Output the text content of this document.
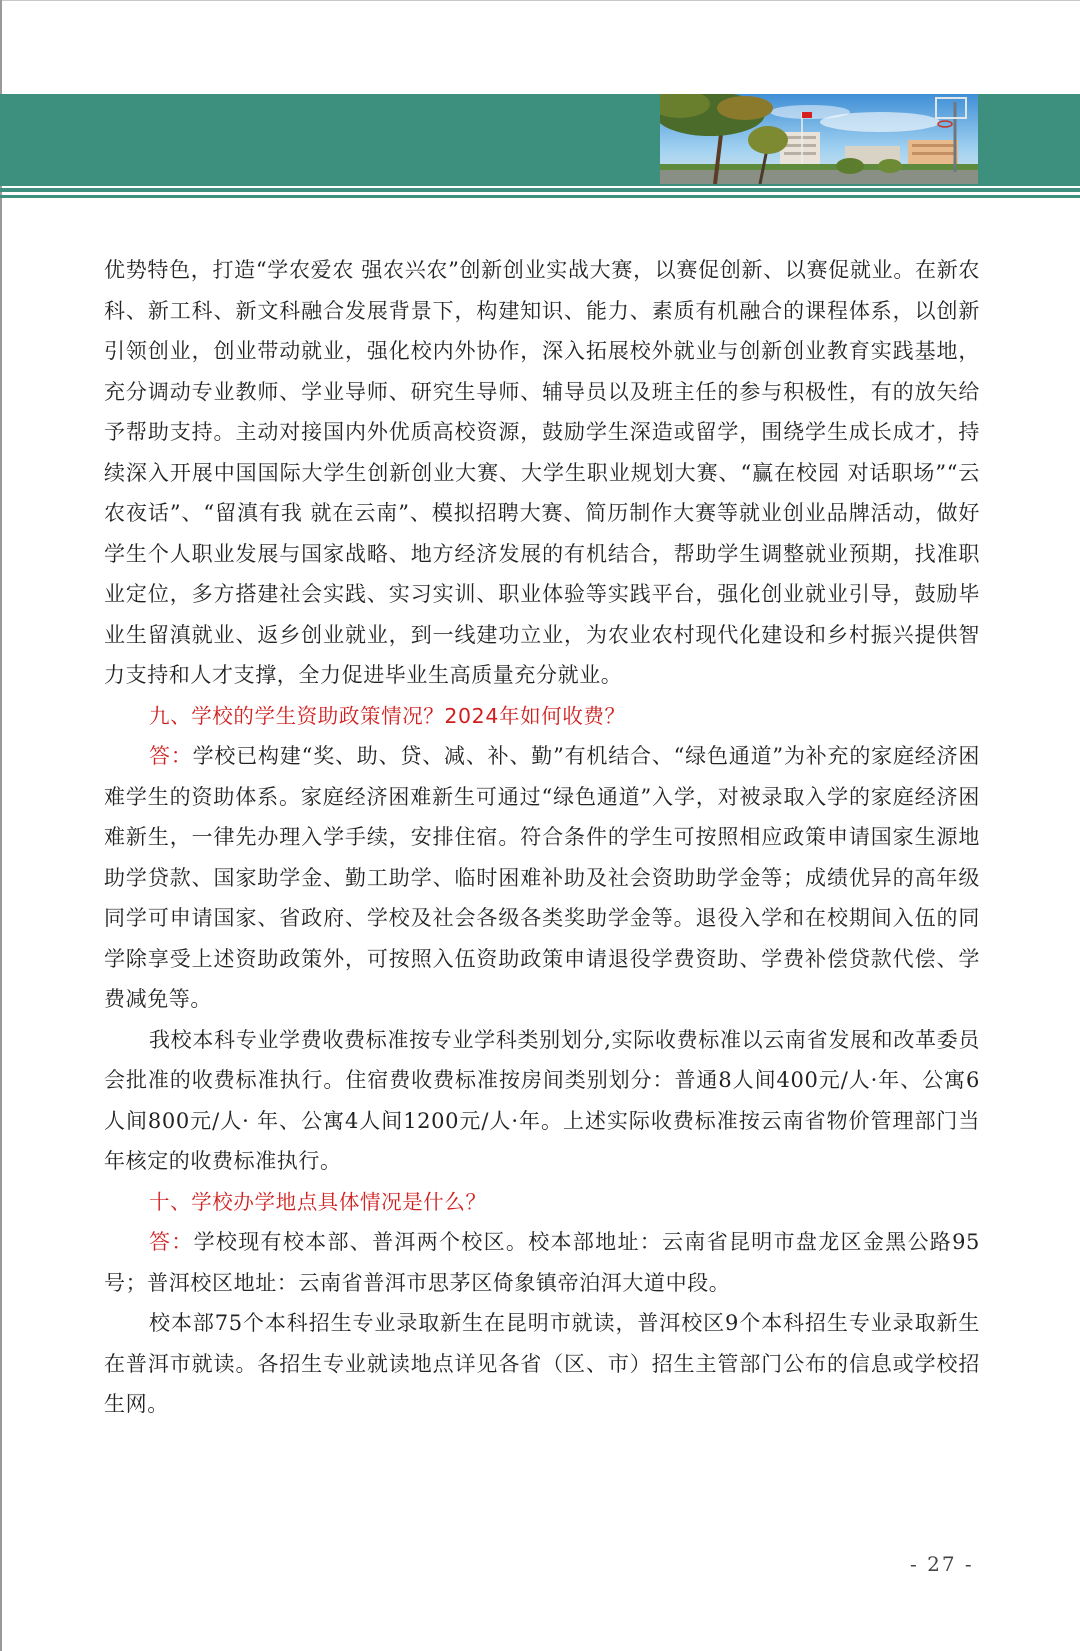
优势特色，打造“学农爱农 强农兴农”创新创业实战大赛，以赛促创新、以赛促就业。在新农科、新工科、新文科融合发展背景下，构建知识、能力、素质有机融合的课程体系，以创新引领创业，创业带动就业，强化校内外协作，深入拓展校外就业与创新创业教育实践基地，充分调动专业教师、学业导师、研究生导师、辅导员以及班主任的参与积极性，有的放矢给予帮助支持。主动对接国内外优质高校资源，鼓励学生深造或留学，围绕学生成长成才，持续深入开展中国国际大学生创新创业大赛、大学生职业规划大赛、“赢在校园 对话职场”“云农夜话”、“留滇有我 就在云南”、模拟招聘大赛、简历制作大赛等就业创业品牌活动，做好学生个人职业发展与国家战略、地方经济发展的有机结合，帮助学生调整就业预期，找准职业定位，多方搭建社会实践、实习实训、职业体验等实践平台，强化创业就业引导，鼓励毕业生留滇就业、返乡创业就业，到一线建功立业，为农业农村现代化建设和乡村振兴提供智力支持和人才支撑，全力促进毕业生高质量充分就业。

九、学校的学生资助政策情况？2024年如何收费？

答：学校已构建“奖、助、贷、减、补、勤”有机结合、“绿色通道”为补充的家庭经济困难学生的资助体系。家庭经济困难新生可通过“绿色通道”入学，对被录取入学的家庭经济困难新生，一律先办理入学手续，安排住宿。符合条件的学生可按照相应政策申请国家生源地助学贷款、国家助学金、勤工助学、临时困难补助及社会资助助学金等；成绩优异的高年级同学可申请国家、省政府、学校及社会各级各类奖助学金等。退役入学和在校期间入伍的同学除享受上述资助政策外，可按照入伍资助政策申请退役学费资助、学费补偿贷款代偿、学费减免等。

我校本科专业学费收费标准按专业学科类别划分,实际收费标准以云南省发展和改革委员会批准的收费标准执行。住宿费收费标准按房间类别划分：普通8人间400元/人·年、公寓6人间800元/人· 年、公寓4人间1200元/人·年。上述实际收费标准按云南省物价管理部门当年核定的收费标准执行。

十、学校办学地点具体情况是什么？

答：学校现有校本部、普洱两个校区。校本部地址：云南省昆明市盘龙区金黑公路95号；普洱校区地址：云南省普洱市思茅区倚象镇帝泊洱大道中段。

校本部75个本科招生专业录取新生在昆明市就读，普洱校区9个本科招生专业录取新生在普洱市就读。各招生专业就读地点详见各省（区、市）招生主管部门公布的信息或学校招生网。

- 27 -
